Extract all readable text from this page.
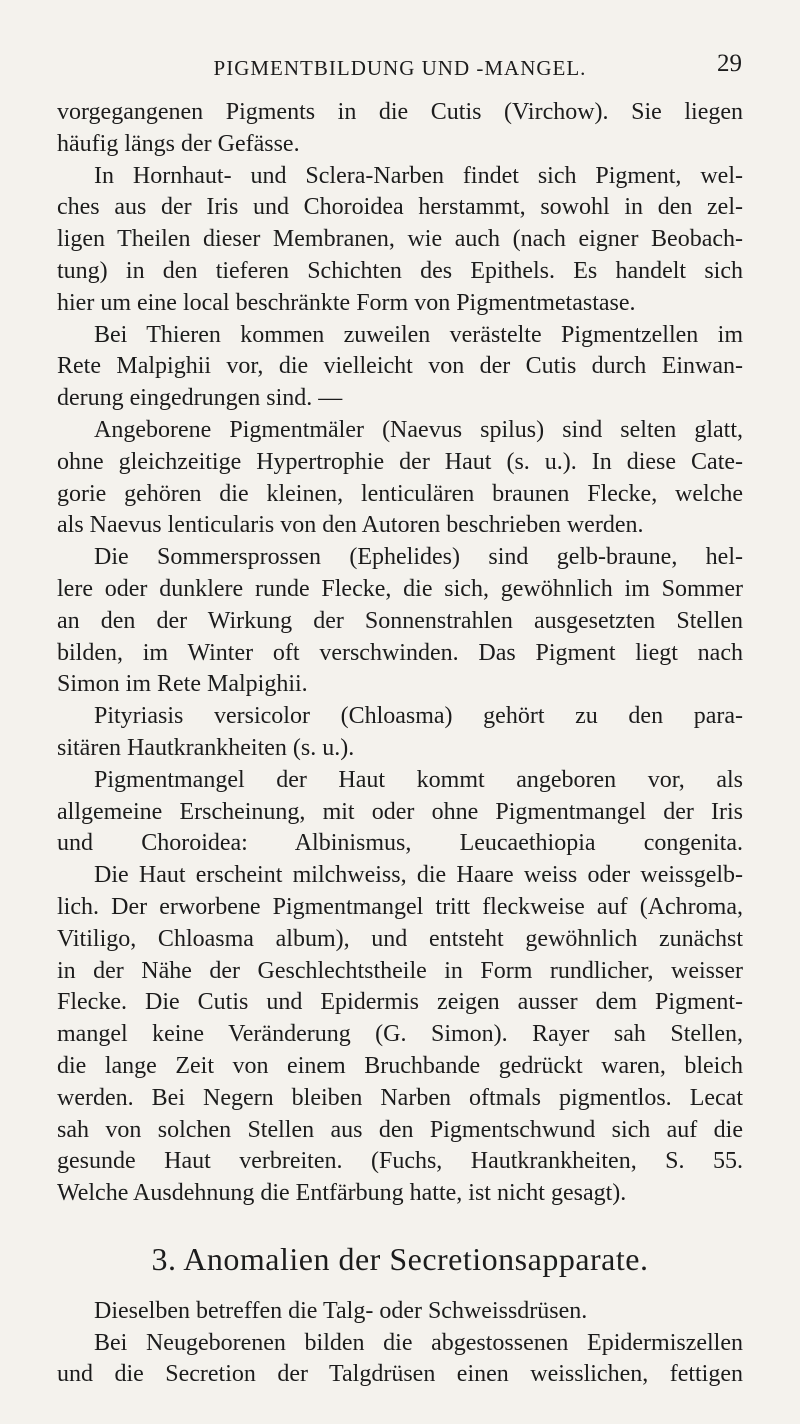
PIGMENTBILDUNG UND -MANGEL.	29
vorgegangenen Pigments in die Cutis (Virchow). Sie liegen
häufig längs der Gefässe.
In Hornhaut- und Sclera-Narben findet sich Pigment, wel-
ches aus der Iris und Choroidea herstammt, sowohl in den zel-
ligen Theilen dieser Membranen, wie auch (nach eigner Beobach-
tung) in den tieferen Schichten des Epithels. Es handelt sich
hier um eine local beschränkte Form von Pigmentmetastase.
Bei Thieren kommen zuweilen verästelte Pigmentzellen im
Rete Malpighii vor, die vielleicht von der Cutis durch Einwan-
derung eingedrungen sind. —
Angeborene Pigmentmäler (Naevus spilus) sind selten glatt,
ohne gleichzeitige Hypertrophie der Haut (s. u.). In diese Cate-
gorie gehören die kleinen, lenticulären braunen Flecke, welche
als Naevus lenticularis von den Autoren beschrieben werden.
Die Sommersprossen (Ephelides) sind gelb-braune, hel-
lere oder dunklere runde Flecke, die sich, gewöhnlich im Sommer
an den der Wirkung der Sonnenstrahlen ausgesetzten Stellen
bilden, im Winter oft verschwinden. Das Pigment liegt nach
Simon im Rete Malpighii.
Pityriasis versicolor (Chloasma) gehört zu den para-
sitären Hautkrankheiten (s. u.).
Pigmentmangel der Haut kommt angeboren vor, als
allgemeine Erscheinung, mit oder ohne Pigmentmangel der Iris
und Choroidea: Albinismus, Leucaethiopia congenita.
Die Haut erscheint milchweiss, die Haare weiss oder weissgelb-
lich. Der erworbene Pigmentmangel tritt fleckweise auf (Achroma,
Vitiligo, Chloasma album), und entsteht gewöhnlich zunächst
in der Nähe der Geschlechtstheile in Form rundlicher, weisser
Flecke. Die Cutis und Epidermis zeigen ausser dem Pigment-
mangel keine Veränderung (G. Simon). Rayer sah Stellen,
die lange Zeit von einem Bruchbande gedrückt waren, bleich
werden. Bei Negern bleiben Narben oftmals pigmentlos. Lecat
sah von solchen Stellen aus den Pigmentschwund sich auf die
gesunde Haut verbreiten. (Fuchs, Hautkrankheiten, S. 55.
Welche Ausdehnung die Entfärbung hatte, ist nicht gesagt).
3. Anomalien der Secretionsapparate.
Dieselben betreffen die Talg- oder Schweissdrüsen.
Bei Neugeborenen bilden die abgestossenen Epidermiszellen
und die Secretion der Talgdrüsen einen weisslichen, fettigen
